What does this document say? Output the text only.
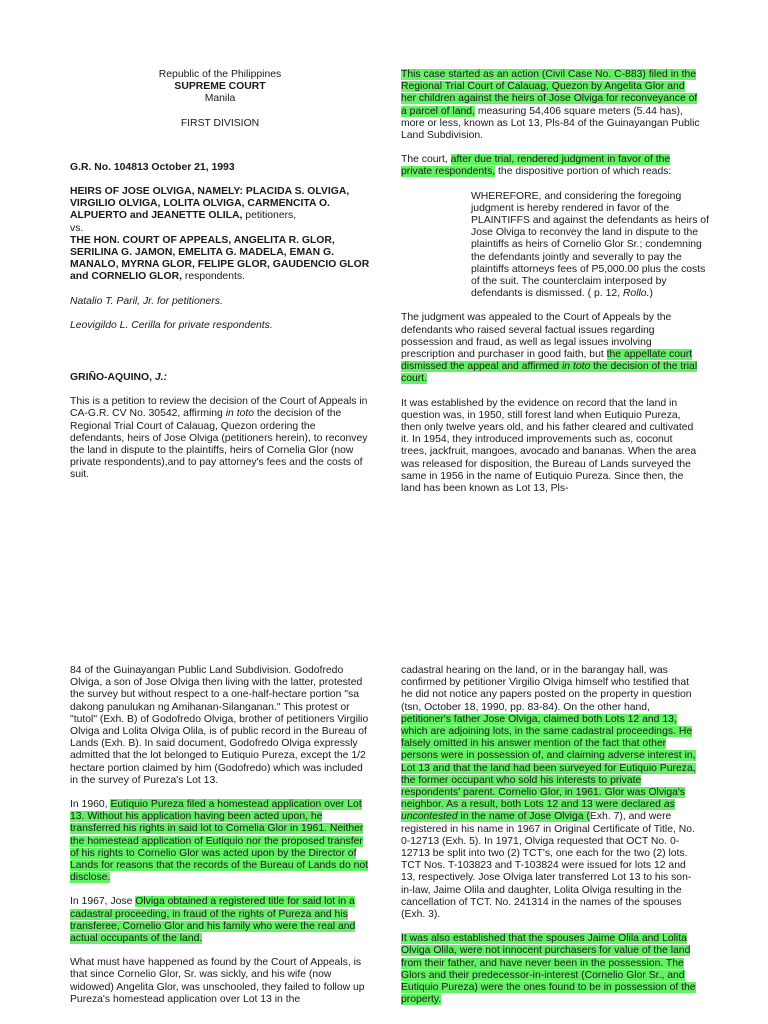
Republic of the Philippines
SUPREME COURT
Manila
FIRST DIVISION

G.R. No. 104813 October 21, 1993

HEIRS OF JOSE OLVIGA, NAMELY: PLACIDA S. OLVIGA, VIRGILIO OLVIGA, LOLITA OLVIGA, CARMENCITA O. ALPUERTO and JEANETTE OLILA, petitioners,
vs.
THE HON. COURT OF APPEALS, ANGELITA R. GLOR, SERILINA G. JAMON, EMELITA G. MADELA, EMAN G. MANALO, MYRNA GLOR, FELIPE GLOR, GAUDENCIO GLOR and CORNELIO GLOR, respondents.

Natalio T. Paril, Jr. for petitioners.

Leovigildo L. Cerilla for private respondents.

GRIÑO-AQUINO, J.:

This is a petition to review the decision of the Court of Appeals in CA-G.R. CV No. 30542, affirming in toto the decision of the Regional Trial Court of Calauag, Quezon ordering the defendants, heirs of Jose Olviga (petitioners herein), to reconvey the land in dispute to the plaintiffs, heirs of Cornelia Glor (now private respondents),and to pay attorney's fees and the costs of suit.

This case started as an action (Civil Case No. C-883) filed in the Regional Trial Court of Calauag, Quezon by Angelita Glor and her children against the heirs of Jose Olviga for reconveyance of a parcel of land, measuring 54,406 square meters (5.44 has), more or less, known as Lot 13, Pls-84 of the Guinayangan Public Land Subdivision.

The court, after due trial, rendered judgment in favor of the private respondents, the dispositive portion of which reads:

WHEREFORE, and considering the foregoing judgment is hereby rendered in favor of the PLAINTIFFS and against the defendants as heirs of Jose Olviga to reconvey the land in dispute to the plaintiffs as heirs of Cornelio Glor Sr.; condemning the defendants jointly and severally to pay the plaintiffs attorneys fees of P5,000.00 plus the costs of the suit. The counterclaim interposed by defendants is dismissed. ( p. 12, Rollo.)

The judgment was appealed to the Court of Appeals by the defendants who raised several factual issues regarding possession and fraud, as well as legal issues involving prescription and purchaser in good faith, but the appellate court dismissed the appeal and affirmed in toto the decision of the trial court.

It was established by the evidence on record that the land in question was, in 1950, still forest land when Eutiquio Pureza, then only twelve years old, and his father cleared and cultivated it. In 1954, they introduced improvements such as, coconut trees, jackfruit, mangoes, avocado and bananas. When the area was released for disposition, the Bureau of Lands surveyed the same in 1956 in the name of Eutiquio Pureza. Since then, the land has been known as Lot 13, Pls-

84 of the Guinayangan Public Land Subdivision. Godofredo Olviga, a son of Jose Olviga then living with the latter, protested the survey but without respect to a one-half-hectare portion "sa dakong panulukan ng Amihanan-Silanganan." This protest or "tutol" (Exh. B) of Godofredo Olviga, brother of petitioners Virgilio Olviga and Lolita Olviga Olila, is of public record in the Bureau of Lands (Exh. B). In said document, Godofredo Olviga expressly admitted that the lot belonged to Eutiquio Pureza, except the 1/2 hectare portion claimed by him (Godofredo) which was included in the survey of Pureza's Lot 13.

In 1960, Eutiquio Pureza filed a homestead application over Lot 13. Without his application having been acted upon, he transferred his rights in said lot to Cornelia Glor in 1961. Neither the homestead application of Eutiquio nor the proposed transfer of his rights to Cornelio Glor was acted upon by the Director of Lands for reasons that the records of the Bureau of Lands do not disclose.

In 1967, Jose Olviga obtained a registered title for said lot in a cadastral proceeding, in fraud of the rights of Pureza and his transferee, Cornelio Glor and his family who were the real and actual occupants of the land.

What must have happened as found by the Court of Appeals, is that since Cornelio Glor, Sr. was sickly, and his wife (now widowed) Angelita Glor, was unschooled, they failed to follow up Pureza's homestead application over Lot 13 in the

cadastral hearing on the land, or in the barangay hall, was confirmed by petitioner Virgilio Olviga himself who testified that he did not notice any papers posted on the property in question (tsn, October 18, 1990, pp. 83-84). On the other hand, petitioner's father Jose Olviga, claimed both Lots 12 and 13, which are adjoining lots, in the same cadastral proceedings. He falsely omitted in his answer mention of the fact that other persons were in possession of, and claiming adverse interest in, Lot 13 and that the land had been surveyed for Eutiquio Pureza, the former occupant who sold his interests to private respondents' parent. Cornelio Glor, in 1961. Glor was Olviga's neighbor. As a result, both Lots 12 and 13 were declared as uncontested in the name of Jose Olviga (Exh. 7), and were registered in his name in 1967 in Original Certificate of Title, No. 0-12713 (Exh. 5). In 1971, Olviga requested that OCT No. 0-12713 be split into two (2) TCT's, one each for the two (2) lots. TCT Nos. T-103823 and T-103824 were issued for lots 12 and 13, respectively. Jose Olviga later transferred Lot 13 to his son-in-law, Jaime Olila and daughter, Lolita Olviga resulting in the cancellation of TCT. No. 241314 in the names of the spouses (Exh. 3).

It was also established that the spouses Jaime Olila and Lolita Olviga Olila, were not innocent purchasers for value of the land from their father, and have never been in the possession. The Glors and their predecessor-in-interest (Cornelio Glor Sr., and Eutiquio Pureza) were the ones found to be in possession of the property.
